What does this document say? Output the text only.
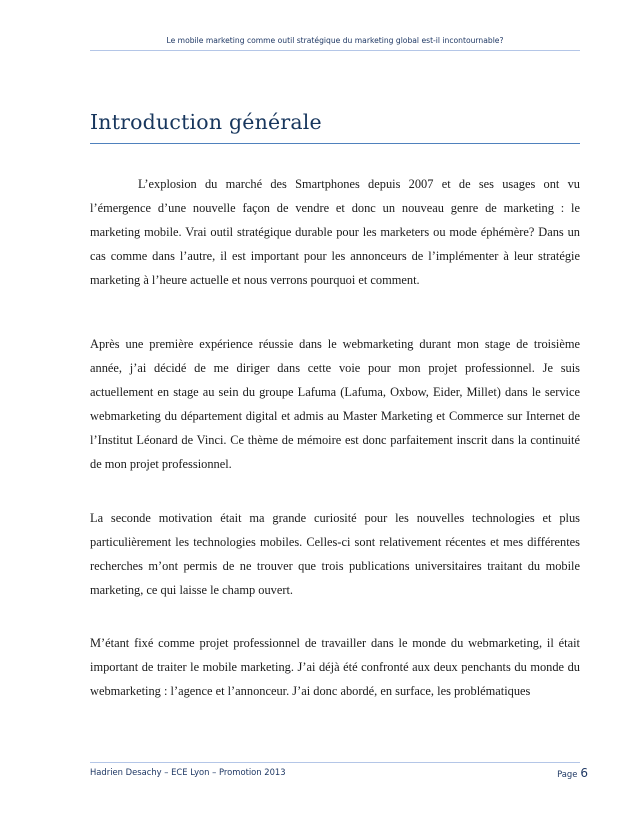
Le mobile marketing comme outil stratégique du marketing global est-il incontournable?
Introduction générale

L’explosion du marché des Smartphones depuis 2007 et de ses usages ont vu l’émergence d’une nouvelle façon de vendre et donc un nouveau genre de marketing : le marketing mobile. Vrai outil stratégique durable pour les marketers ou mode éphémère? Dans un cas comme dans l’autre, il est important pour les annonceurs de l’implémenter à leur stratégie marketing à l’heure actuelle et nous verrons pourquoi et comment.

Après une première expérience réussie dans le webmarketing durant mon stage de troisième année, j’ai décidé de me diriger dans cette voie pour mon projet professionnel. Je suis actuellement en stage au sein du groupe Lafuma (Lafuma, Oxbow, Eider, Millet) dans le service webmarketing du département digital et admis au Master Marketing et Commerce sur Internet de l’Institut Léonard de Vinci. Ce thème de mémoire est donc parfaitement inscrit dans la continuité de mon projet professionnel.

La seconde motivation était ma grande curiosité pour les nouvelles technologies et plus particulièrement les technologies mobiles. Celles-ci sont relativement récentes et mes différentes recherches m’ont permis de ne trouver que trois publications universitaires traitant du mobile marketing, ce qui laisse le champ ouvert.

M’étant fixé comme projet professionnel de travailler dans le monde du webmarketing, il était important de traiter le mobile marketing. J’ai déjà été confronté aux deux penchants du monde du webmarketing : l’agence et l’annonceur. J’ai donc abordé, en surface, les problématiques

Hadrien Desachy – ECE Lyon – Promotion 2013	Page 6
